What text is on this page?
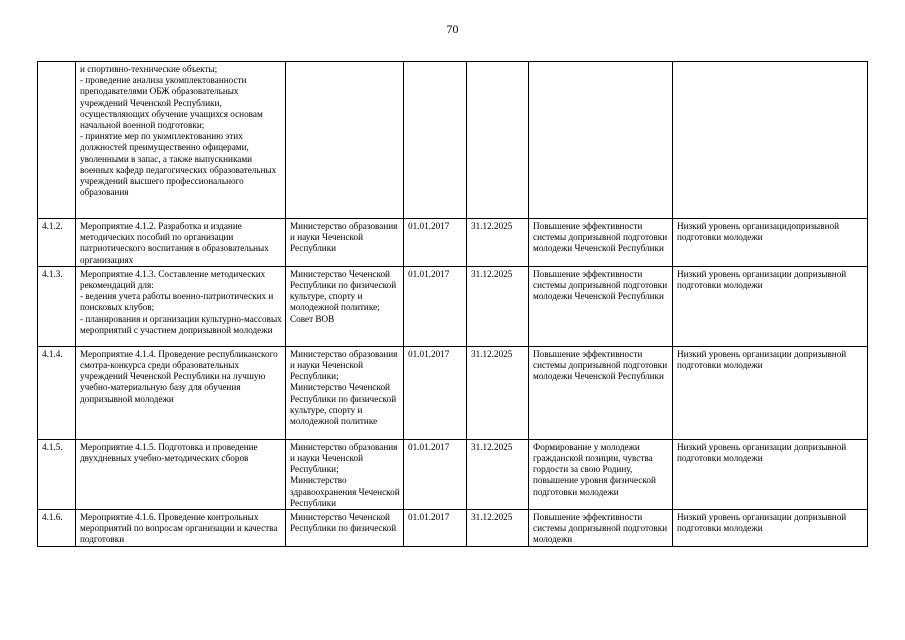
70
	и спортивно-технические объекты;
- проведение анализа укомплектованности преподавателями ОБЖ образовательных учреждений Чеченской Республики, осуществляющих обучение учащихся основам начальной военной подготовки;
- принятие мер по укомплектованию этих должностей преимущественно офицерами, уволенными в запас, а также выпускниками военных кафедр педагогических образовательных учреждений высшего профессионального образования					
4.1.2.	Мероприятие 4.1.2. Разработка и издание методических пособий по организации патриотического воспитания в образовательных организациях	Министерство образования и науки Чеченской Республики	01.01.2017	31.12.2025	Повышение эффективности системы допризывной подготовки молодежи Чеченской Республики	Низкий уровень организацидопризывной подготовки молодежи
4.1.3.	Мероприятие 4.1.3. Составление методических рекомендаций для:
- ведения учета работы военно-патриотических и поисковых клубов;
- планирования и организации культурно-массовых мероприятий с участием допризывной молодежи	Министерство Чеченской Республики по физической культуре, спорту и молодежной политике;
Совет ВОВ	01.01.2017	31.12.2025	Повышение эффективности системы допризывной подготовки молодежи Чеченской Республики	Низкий уровень организации допризывной подготовки молодежи
4.1.4.	Мероприятие 4.1.4. Проведение республиканского смотра-конкурса среди образовательных учреждений Чеченской Республики на лучшую учебно-материальную базу для обучения допризывной молодежи	Министерство образования и науки Чеченской Республики;
Министерство Чеченской Республики по физической культуре, спорту и молодежной политике	01.01.2017	31.12.2025	Повышение эффективности системы допризывной подготовки молодежи Чеченской Республики	Низкий уровень организации допризывной подготовки молодежи
4.1.5.	Мероприятие 4.1.5. Подготовка и проведение двухдневных учебно-методических сборов	Министерство образования и науки Чеченской Республики;
Министерство здравоохранения Чеченской Республики	01.01.2017	31.12.2025	Формирование у молодежи гражданской позиции, чувства гордости за свою Родину, повышение уровня физической подготовки молодежи	Низкий уровень организации допризывной подготовки молодежи
4.1.6.	Мероприятие 4.1.6. Проведение контрольных мероприятий по вопросам организации и качества подготовки	Министерство Чеченской Республики по физической	01.01.2017	31.12.2025	Повышение эффективности системы допризывной подготовки молодежи	Низкий уровень организации допризывной подготовки молодежи
